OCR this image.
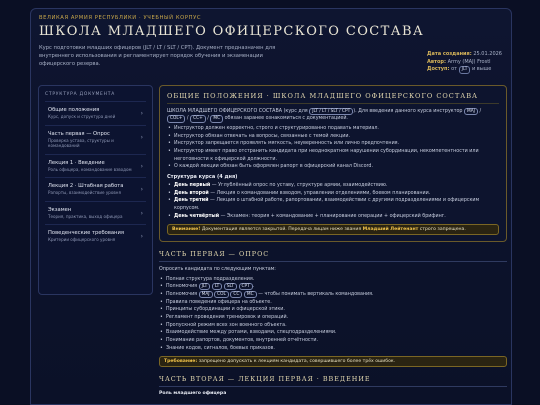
ВЕЛИКАЯ АРМИЯ РЕСПУБЛИКИ · УЧЕБНЫЙ КОРПУС
ШКОЛА МЛАДШЕГО ОФИЦЕРСКОГО СОСТАВА
Курс подготовки младших офицеров (JLT / LT / SLT / CPT). Документ предназначен для внутреннего использования и регламентирует порядок обучения и экзаменации офицерского резерва.
Дата создания: 25.01.2026
Автор: Army (MAJ) Frostl
Доступ: от JLT и выше
СТРУКТУРА ДОКУМЕНТА
Общие положения
Курс, допуск и структура дней	›
Часть первая — Опрос
Проверка устава, структуры и командований
›
Лекция 1 · Введение
Роль офицера, командование взводом	›
Лекция 2 · Штабная работа
Рапорты, взаимодействие уровня	›
Экзамен
Теория, практика, выход офицера	›
Поведенческие требования
Критерии офицерского уровня	›
ОБЩИЕ ПОЛОЖЕНИЯ · ШКОЛА МЛАДШЕГО ОФИЦЕРСКОГО СОСТАВА
ШКОЛА МЛАДШЕГО ОФИЦЕРСКОГО СОСТАВА (курс для JLT / LT / SLT / CPT ). Для введения данного курса инструктор MAJ / COL+ / CC+ / MC обязан заранее ознакомиться с документацией.
• Инструктор должен корректно, строго и структурированно подавать материал.
• Инструктор обязан отвечать на вопросы, связанные с темой лекции.
• Инструктор запрещается проявлять мягкость, неуверенность или лично предпочтения.
• Инструктор имеет право отстранить кандидата при неоднократном нарушении субординации, некомпетентности или неготовности к офицерской должности.
• О каждой лекции обязан быть оформлен рапорт в офицерский канал Discord.
Структура курса (4 дня)
• День первый — Углублённый опрос по уставу, структуре армии, взаимодействию.
• День второй — Лекция о командовании взводом, управлении отделениями, боевом планировании.
• День третий — Лекция о штабной работе, рапортовании, взаимодействии с другими подразделениями и офицерским корпусом.
• День четвёртый — Экзамен: теория + командование + планирование операции + офицерский брифинг.
Внимание! Документация является закрытой. Передача лицам ниже звания Младший Лейтенант строго запрещена.
ЧАСТЬ ПЕРВАЯ — ОПРОС
Опросить кандидата по следующим пунктам:
• Полная структура подразделения.
• Полномочия JLT LT SLT CPT .
• Полномочия MAJ COL CC MC — чтобы понимать вертикаль командования.
• Правила поведения офицера на объекте.
• Принципы субординации и офицерской этики.
• Регламент проведения тренировок и операций.
• Пропускной режим всех зон военного объекта.
• Взаимодействие между ротами, взводами, спецподразделениями.
• Понимание рапортов, документов, внутренней отчётности.
• Знание кодов, сигналов, боевых приказов.
Требование: запрещено допускать к лекциям кандидата, совершившего более трёх ошибок.
ЧАСТЬ ВТОРАЯ — ЛЕКЦИЯ ПЕРВАЯ · ВВЕДЕНИЕ
Роль младшего офицера
